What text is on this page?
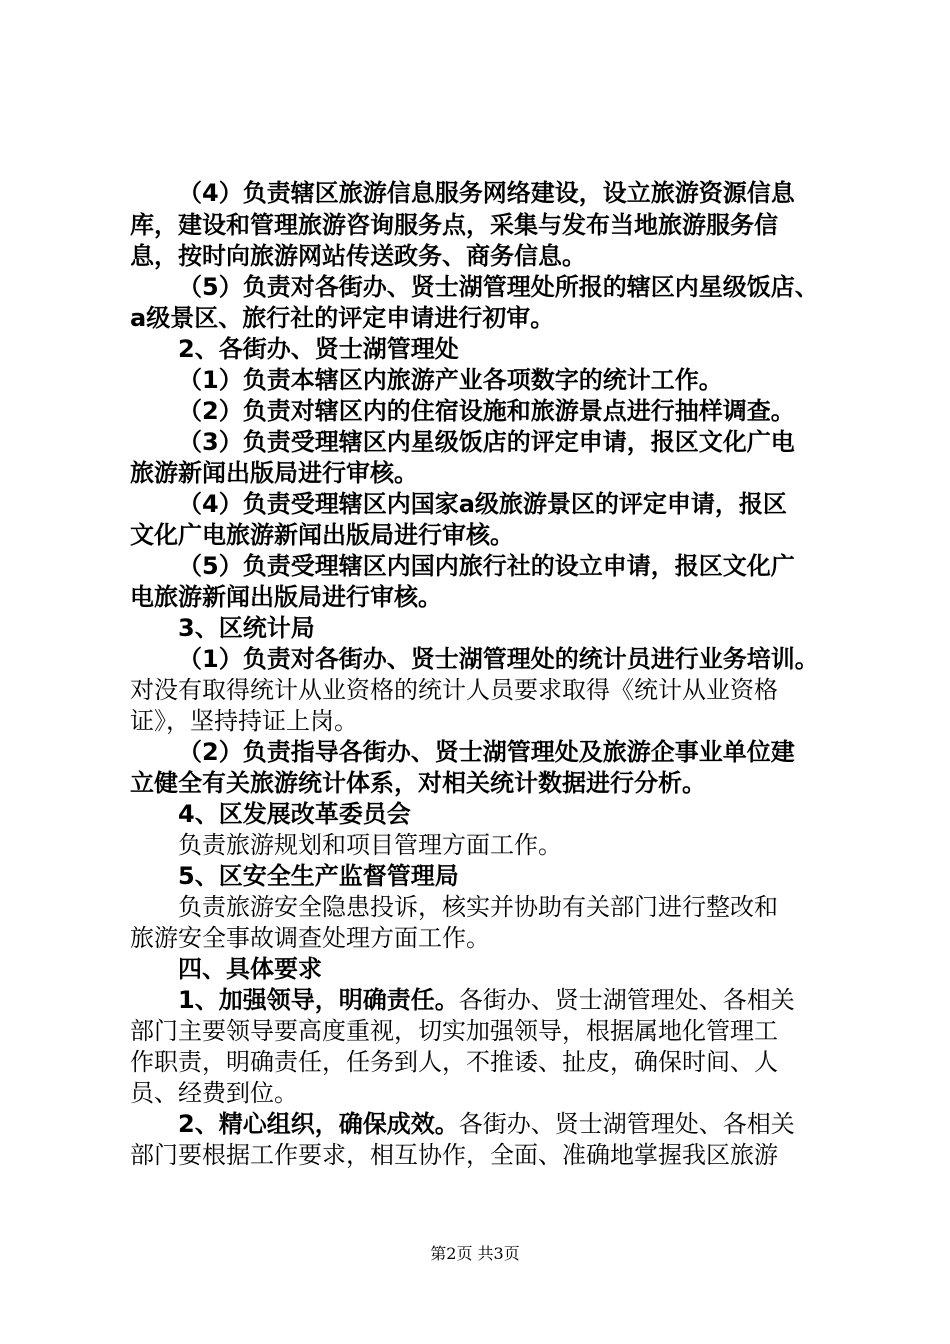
（4）负责辖区旅游信息服务网络建设，设立旅游资源信息
库，建设和管理旅游咨询服务点，采集与发布当地旅游服务信
息，按时向旅游网站传送政务、商务信息。
（5）负责对各街办、贤士湖管理处所报的辖区内星级饭店、
a级景区、旅行社的评定申请进行初审。
2、各街办、贤士湖管理处
（1）负责本辖区内旅游产业各项数字的统计工作。
（2）负责对辖区内的住宿设施和旅游景点进行抽样调查。
（3）负责受理辖区内星级饭店的评定申请，报区文化广电
旅游新闻出版局进行审核。
（4）负责受理辖区内国家a级旅游景区的评定申请，报区
文化广电旅游新闻出版局进行审核。
（5）负责受理辖区内国内旅行社的设立申请，报区文化广
电旅游新闻出版局进行审核。
3、区统计局
（1）负责对各街办、贤士湖管理处的统计员进行业务培训。
对没有取得统计从业资格的统计人员要求取得《统计从业资格
证》，坚持持证上岗。
（2）负责指导各街办、贤士湖管理处及旅游企事业单位建
立健全有关旅游统计体系，对相关统计数据进行分析。
4、区发展改革委员会
负责旅游规划和项目管理方面工作。
5、区安全生产监督管理局
负责旅游安全隐患投诉，核实并协助有关部门进行整改和
旅游安全事故调查处理方面工作。
四、具体要求
1、加强领导，明确责任。各街办、贤士湖管理处、各相关
部门主要领导要高度重视，切实加强领导，根据属地化管理工
作职责，明确责任，任务到人，不推诿、扯皮，确保时间、人
员、经费到位。
2、精心组织，确保成效。各街办、贤士湖管理处、各相关
部门要根据工作要求，相互协作，全面、准确地掌握我区旅游
第2页 共3页
